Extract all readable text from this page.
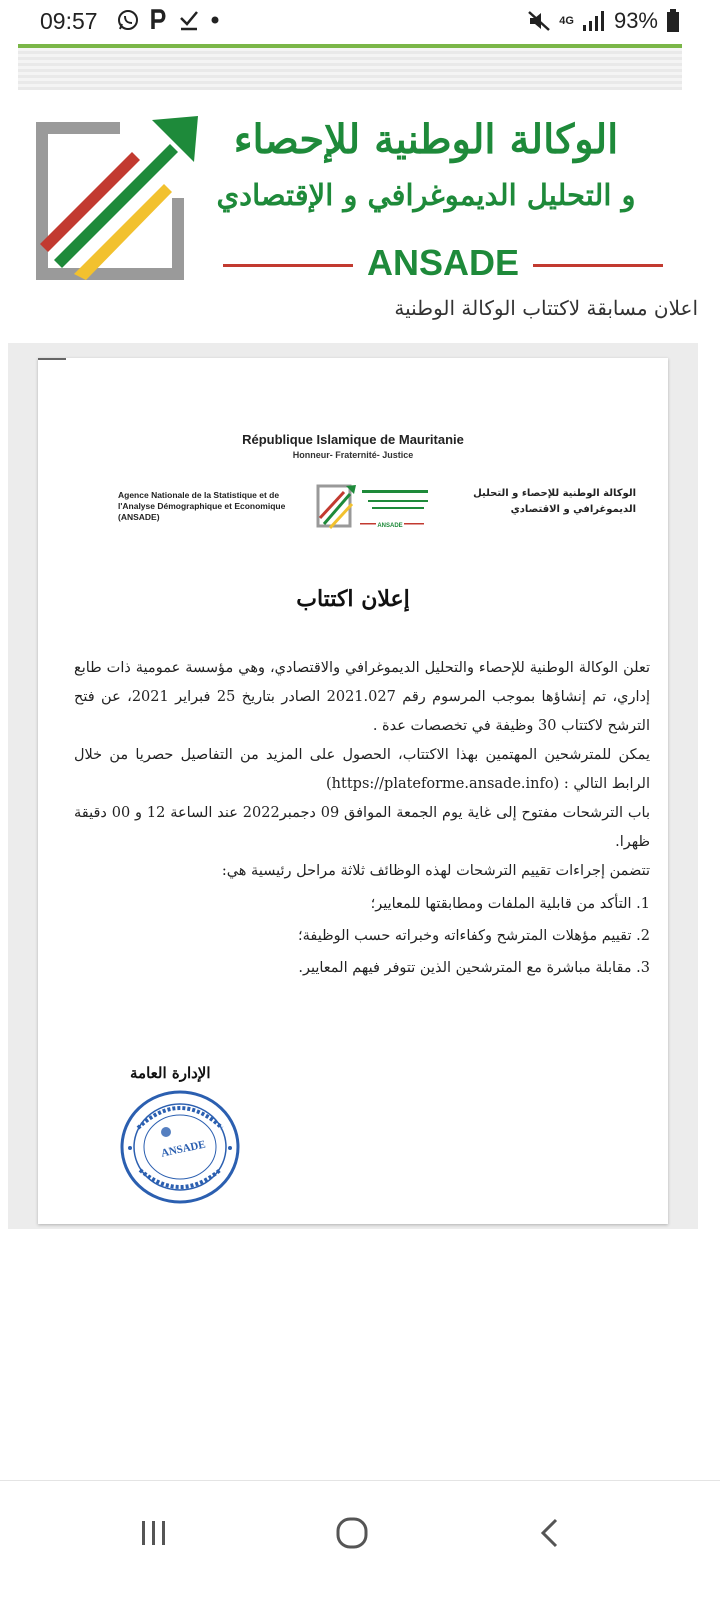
09:57	4G 93%
الوكالة الوطنية للإحصاء
و التحليل الديموغرافي و الإقتصادي
ANSADE
اعلان مسابقة لاكتتاب الوكالة الوطنية
République Islamique de Mauritanie
Honneur- Fraternité- Justice
Agence Nationale de la Statistique et de l'Analyse Démographique et Economique (ANSADE)
ANSADE
الوكالة الوطنية للإحصاء و التحليل الديموغرافي و الاقتصادي
إعلان اكتتاب

تعلن الوكالة الوطنية للإحصاء والتحليل الديموغرافي والاقتصادي، وهي مؤسسة عمومية ذات طابع إداري، تم إنشاؤها بموجب المرسوم رقم 2021.027 الصادر بتاريخ 25 فبراير 2021، عن فتح الترشح لاكتتاب 30 وظيفة في تخصصات عدة .

يمكن للمترشحين المهتمين بهذا الاكتتاب، الحصول على المزيد من التفاصيل حصريا من خلال الرابط التالي : (https://plateforme.ansade.info)

باب الترشحات مفتوح إلى غاية يوم الجمعة الموافق 09 دجمبر2022 عند الساعة 12 و 00 دقيقة ظهرا.

تتضمن إجراءات تقييم الترشحات لهذه الوظائف ثلاثة مراحل رئيسية هي:

1. التأكد من قابلية الملفات ومطابقتها للمعايير؛
2. تقييم مؤهلات المترشح وكفاءاته وخبراته حسب الوظيفة؛
3. مقابلة مباشرة مع المترشحين الذين تتوفر فيهم المعايير.
الإدارة العامة
ANSADE
